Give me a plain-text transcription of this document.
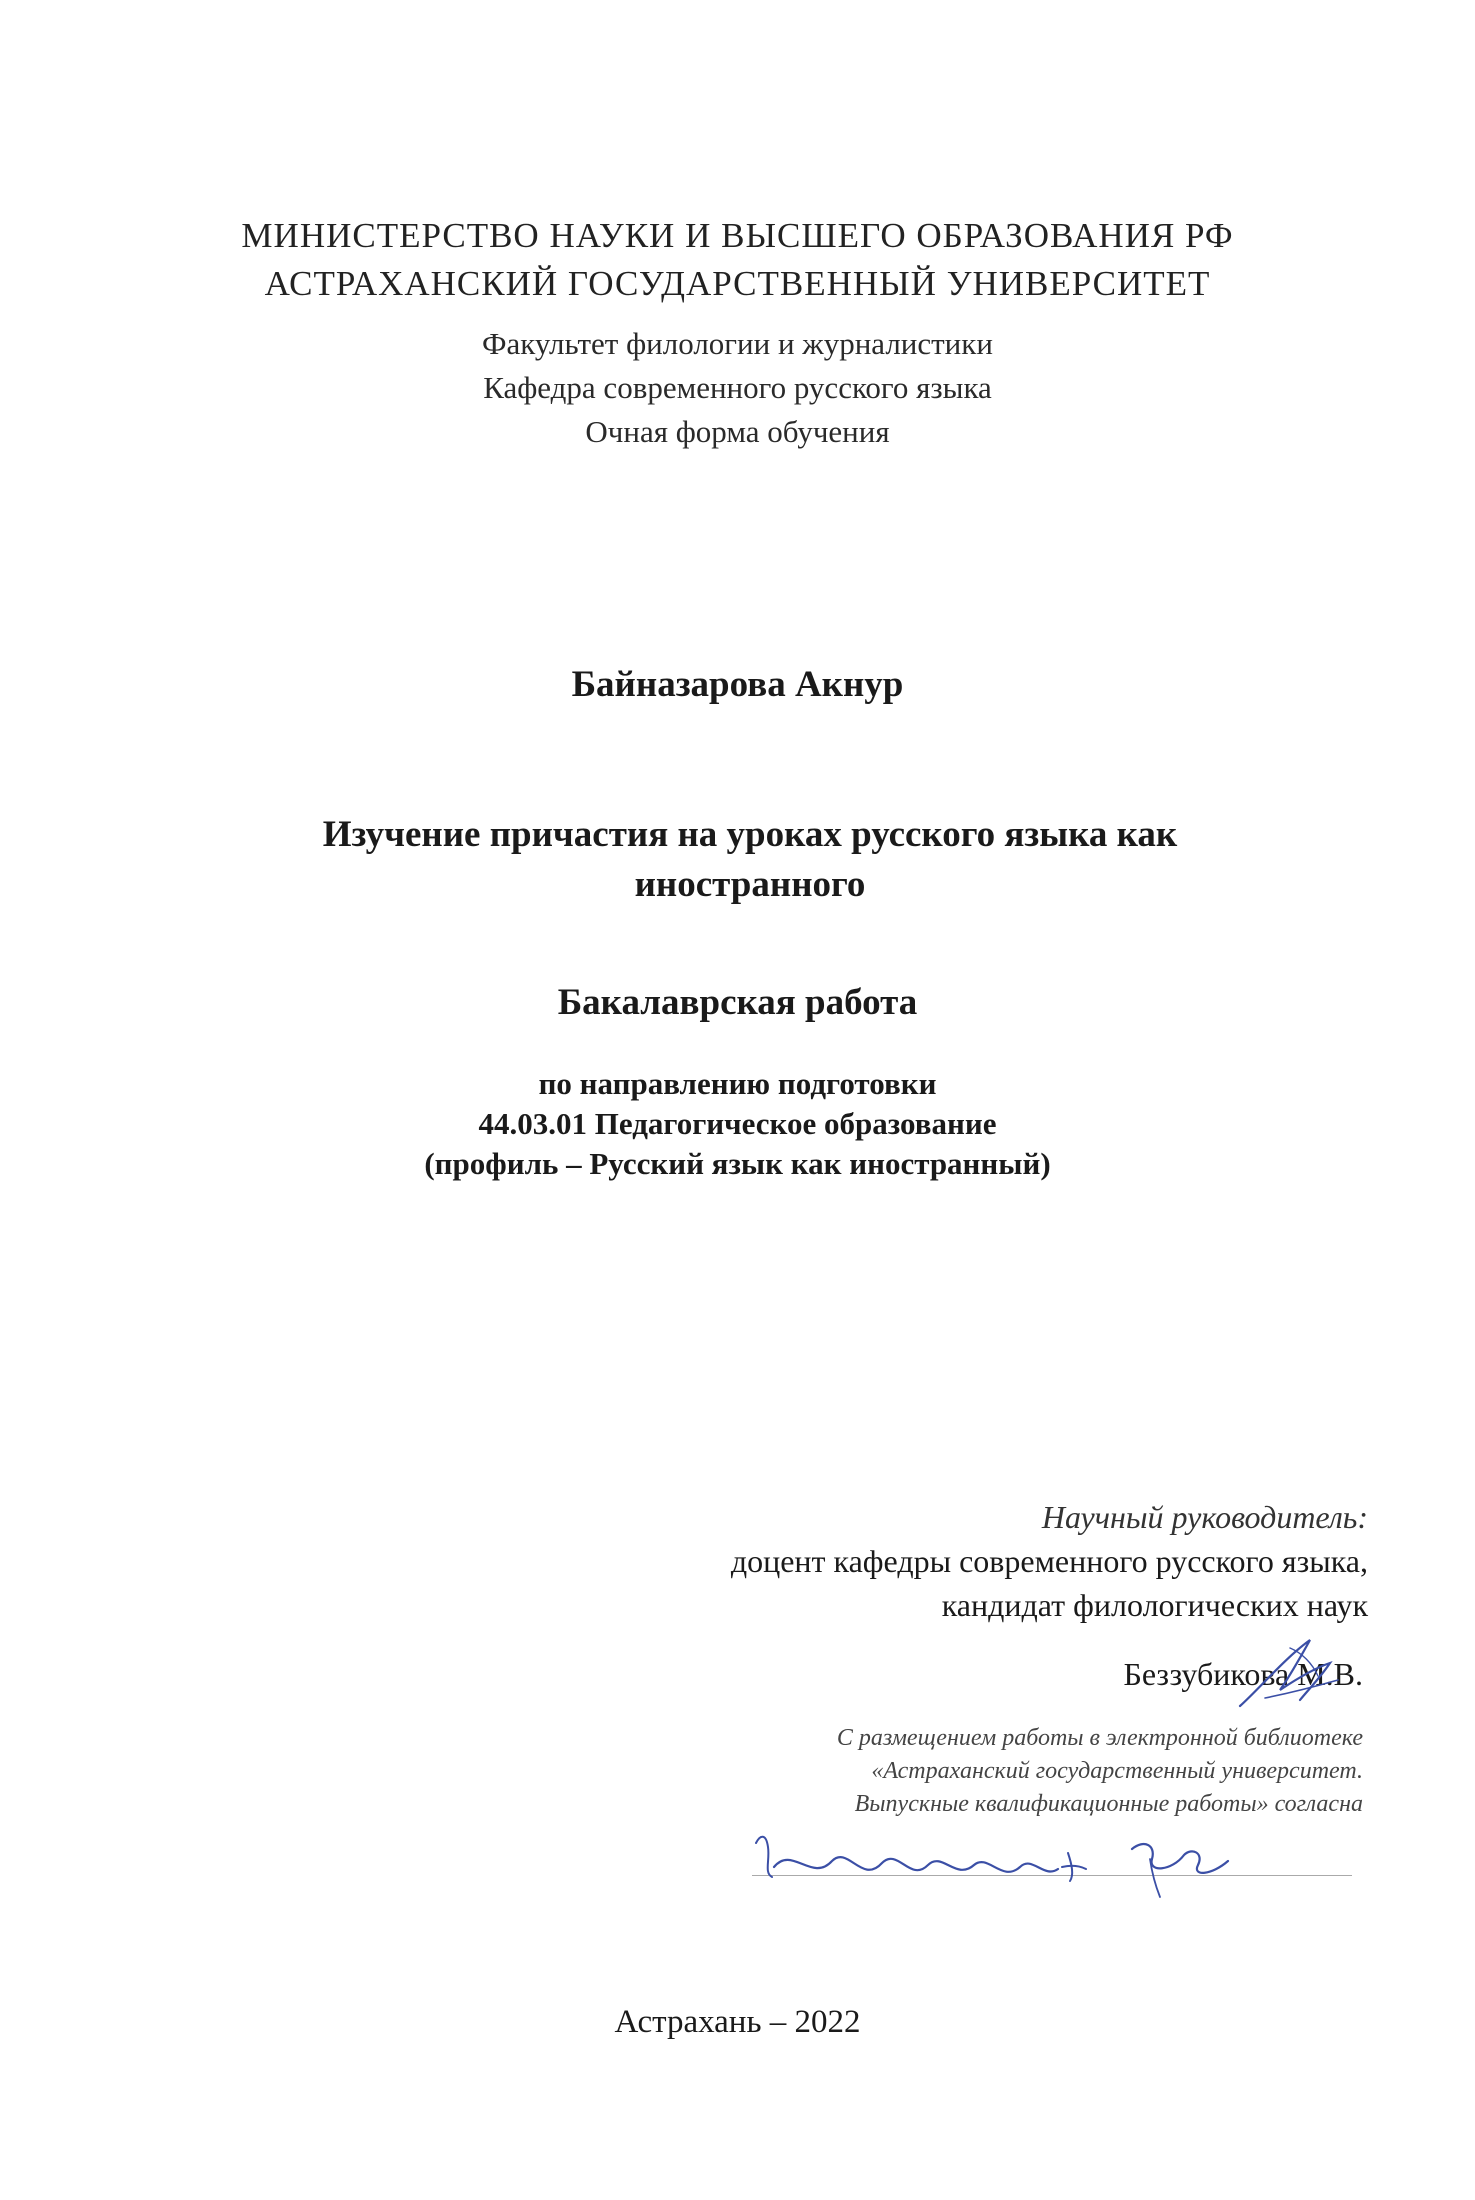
МИНИСТЕРСТВО НАУКИ И ВЫСШЕГО ОБРАЗОВАНИЯ РФ
АСТРАХАНСКИЙ ГОСУДАРСТВЕННЫЙ УНИВЕРСИТЕТ
Факультет филологии и журналистики
Кафедра современного русского языка
Очная форма обучения
Байназарова Акнур
Изучение причастия на уроках русского языка как
иностранного
Бакалаврская работа
по направлению подготовки
44.03.01 Педагогическое образование
(профиль – Русский язык как иностранный)
Научный руководитель:
доцент кафедры современного русского языка,
кандидат филологических наук
Беззубикова М.В.
С размещением работы в электронной библиотеке
«Астраханский государственный университет.
Выпускные квалификационные работы» согласна
Астрахань – 2022
